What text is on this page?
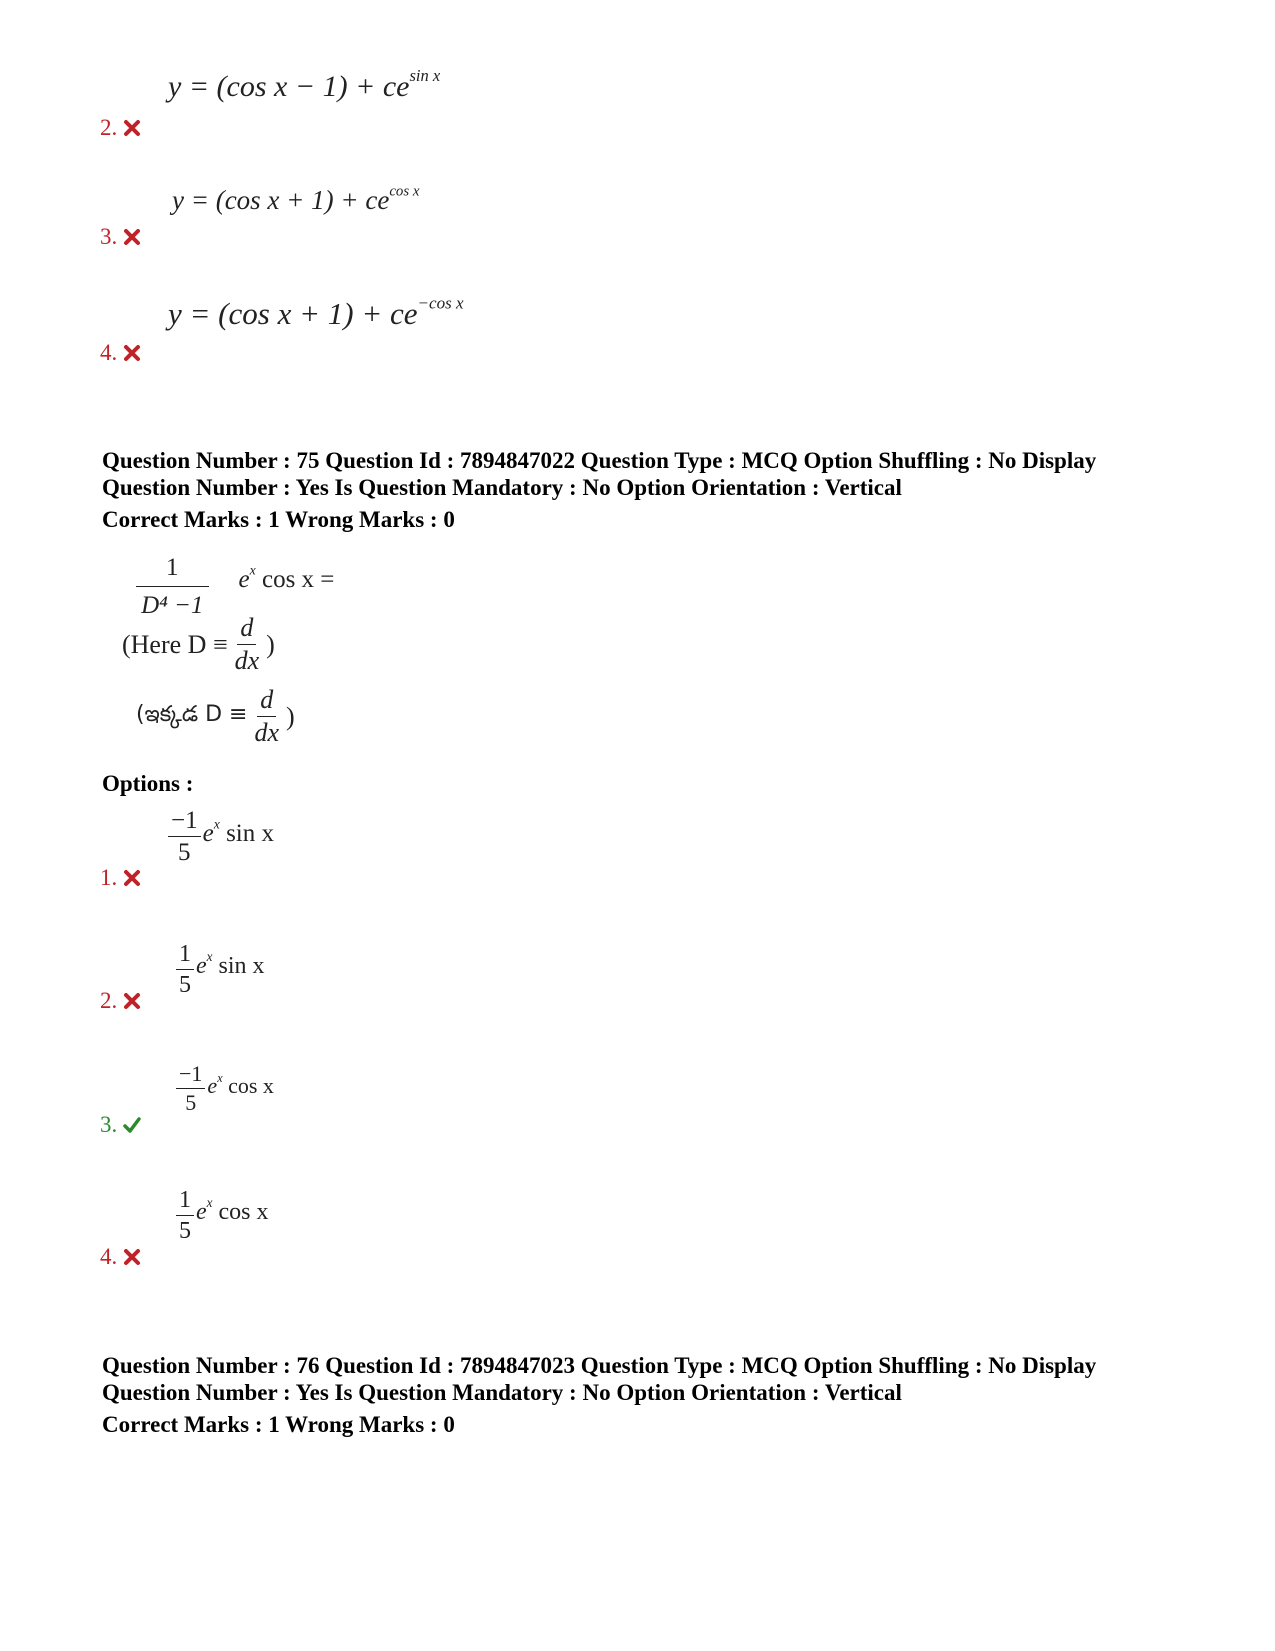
y = (cos $x - 1) + ce^{sin x}$
2.
y = (cos $x + 1) + ce^{cos x}$
3.
y = (cos $x + 1) + ce^{-cos x}$
4.
Question Number : 75 Question Id : 7894847022 Question Type : MCQ Option Shuffling : No Display
Question Number : Yes Is Question Mandatory : No Option Orientation : Vertical
Correct Marks : 1 Wrong Marks : 0
$\frac{1}{\text{D⁴ −1}} e^x$ cos x =
(Here $D \equiv \frac{d}{dx}$ )
(ఇక్కడ $D \equiv \frac{d}{dx}$ )
Options :
$\frac{-1}{5} e^x$ sin x
1.
$\frac{1}{5} e^x$ sin x
2.
$\frac{-1}{5} e^x$ cos x
3.
$\frac{1}{5} e^x$ cos x
4.
Question Number : 76 Question Id : 7894847023 Question Type : MCQ Option Shuffling : No Display
Question Number : Yes Is Question Mandatory : No Option Orientation : Vertical
Correct Marks : 1 Wrong Marks : 0
